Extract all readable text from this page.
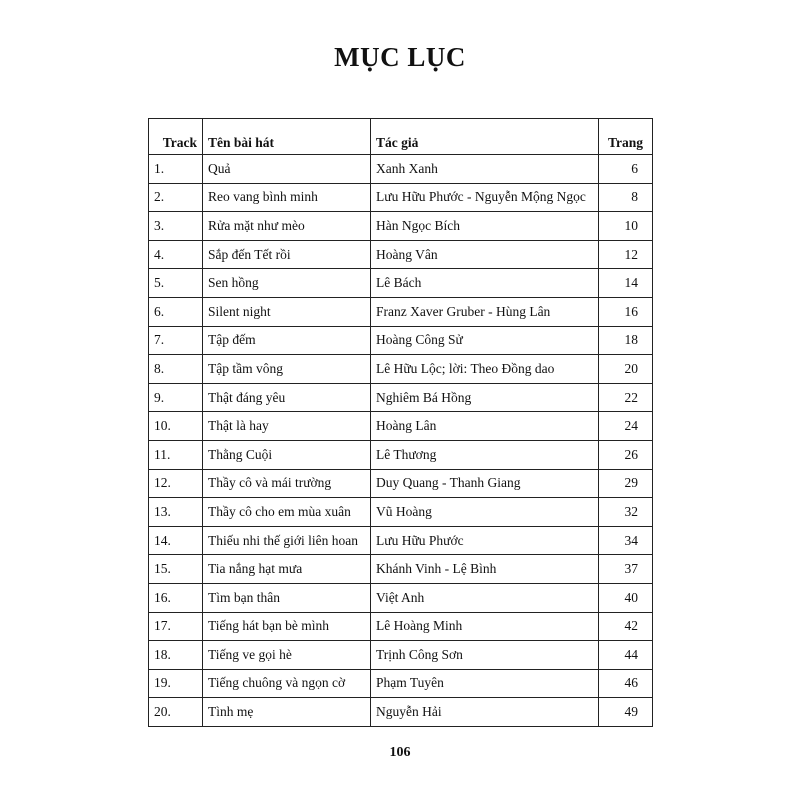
MỤC LỤC
Track	Tên bài hát	Tác giả	Trang
1.	Quả	Xanh Xanh	6
2.	Reo vang bình minh	Lưu Hữu Phước - Nguyễn Mộng Ngọc	8
3.	Rửa mặt như mèo	Hàn Ngọc Bích	10
4.	Sắp đến Tết rồi	Hoàng Vân	12
5.	Sen hồng	Lê Bách	14
6.	Silent night	Franz Xaver Gruber - Hùng Lân	16
7.	Tập đếm	Hoàng Công Sử	18
8.	Tập tầm vông	Lê Hữu Lộc; lời: Theo Đồng dao	20
9.	Thật đáng yêu	Nghiêm Bá Hồng	22
10.	Thật là hay	Hoàng Lân	24
11.	Thằng Cuội	Lê Thương	26
12.	Thầy cô và mái trường	Duy Quang - Thanh Giang	29
13.	Thầy cô cho em mùa xuân	Vũ Hoàng	32
14.	Thiếu nhi thế giới liên hoan	Lưu Hữu Phước	34
15.	Tia nắng hạt mưa	Khánh Vinh - Lệ Bình	37
16.	Tìm bạn thân	Việt Anh	40
17.	Tiếng hát bạn bè mình	Lê Hoàng Minh	42
18.	Tiếng ve gọi hè	Trịnh Công Sơn	44
19.	Tiếng chuông và ngọn cờ	Phạm Tuyên	46
20.	Tình mẹ	Nguyễn Hải	49
106
